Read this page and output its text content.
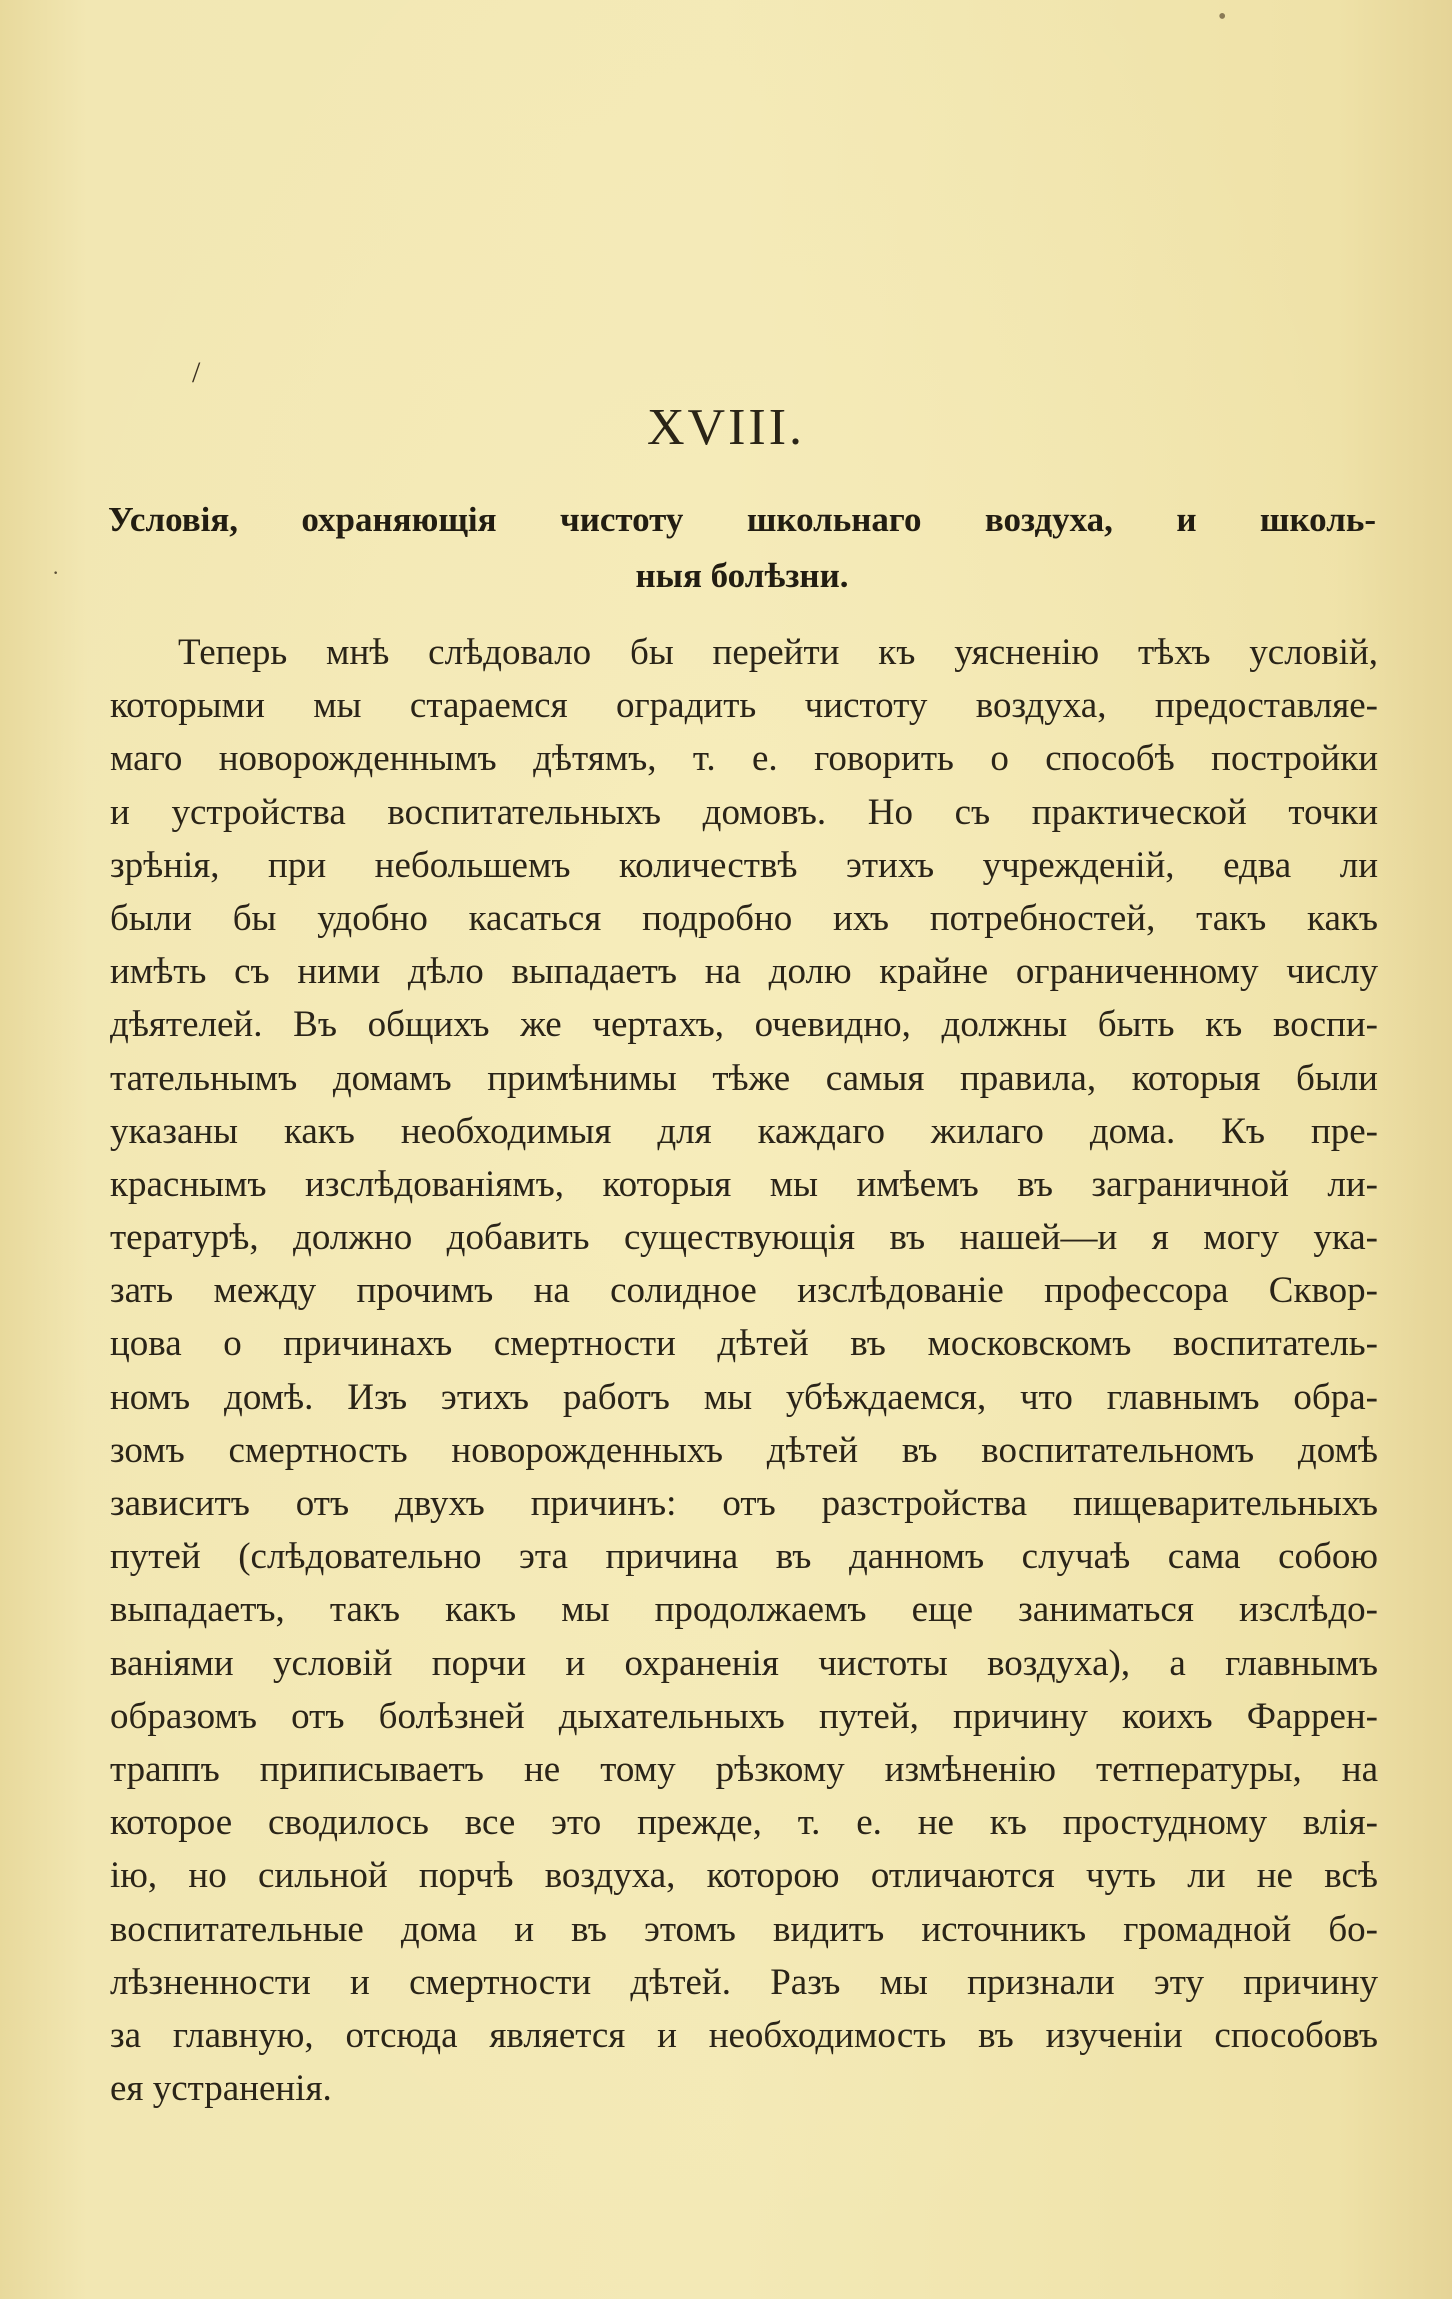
/
·
•
XVIII.
Условія, охраняющія чистоту школьнаго воздуха, и школь-
ныя болѣзни.
Теперь мнѣ слѣдовало бы перейти къ уясненію тѣхъ условій,
которыми мы стараемся оградить чистоту воздуха, предоставляе-
маго новорожденнымъ дѣтямъ, т. е. говорить о способѣ постройки
и устройства воспитательныхъ домовъ. Но съ практической точки
зрѣнія, при небольшемъ количествѣ этихъ учрежденій, едва ли
были бы удобно касаться подробно ихъ потребностей, такъ какъ
имѣть съ ними дѣло выпадаетъ на долю крайне ограниченному числу
дѣятелей. Въ общихъ же чертахъ, очевидно, должны быть къ воспи-
тательнымъ домамъ примѣнимы тѣже самыя правила, которыя были
указаны какъ необходимыя для каждаго жилаго дома. Къ пре-
краснымъ изслѣдованіямъ, которыя мы имѣемъ въ заграничной ли-
тературѣ, должно добавить существующія въ нашей—и я могу ука-
зать между прочимъ на солидное изслѣдованіе профессора Сквор-
цова о причинахъ смертности дѣтей въ московскомъ воспитатель-
номъ домѣ. Изъ этихъ работъ мы убѣждаемся, что главнымъ обра-
зомъ смертность новорожденныхъ дѣтей въ воспитательномъ домѣ
зависитъ отъ двухъ причинъ: отъ разстройства пищеварительныхъ
путей (слѣдовательно эта причина въ данномъ случаѣ сама собою
выпадаетъ, такъ какъ мы продолжаемъ еще заниматься изслѣдо-
ваніями условій порчи и охраненія чистоты воздуха), а главнымъ
образомъ отъ болѣзней дыхательныхъ путей, причину коихъ Фаррен-
траппъ приписываетъ не тому рѣзкому измѣненію тетпературы, на
которое сводилось все это прежде, т. е. не къ простудному влія-
ію, но сильной порчѣ воздуха, которою отличаются чуть ли не всѣ
воспитательные дома и въ этомъ видитъ источникъ громадной бо-
лѣзненности и смертности дѣтей. Разъ мы признали эту причину
за главную, отсюда является и необходимость въ изученіи способовъ
ея устраненія.
